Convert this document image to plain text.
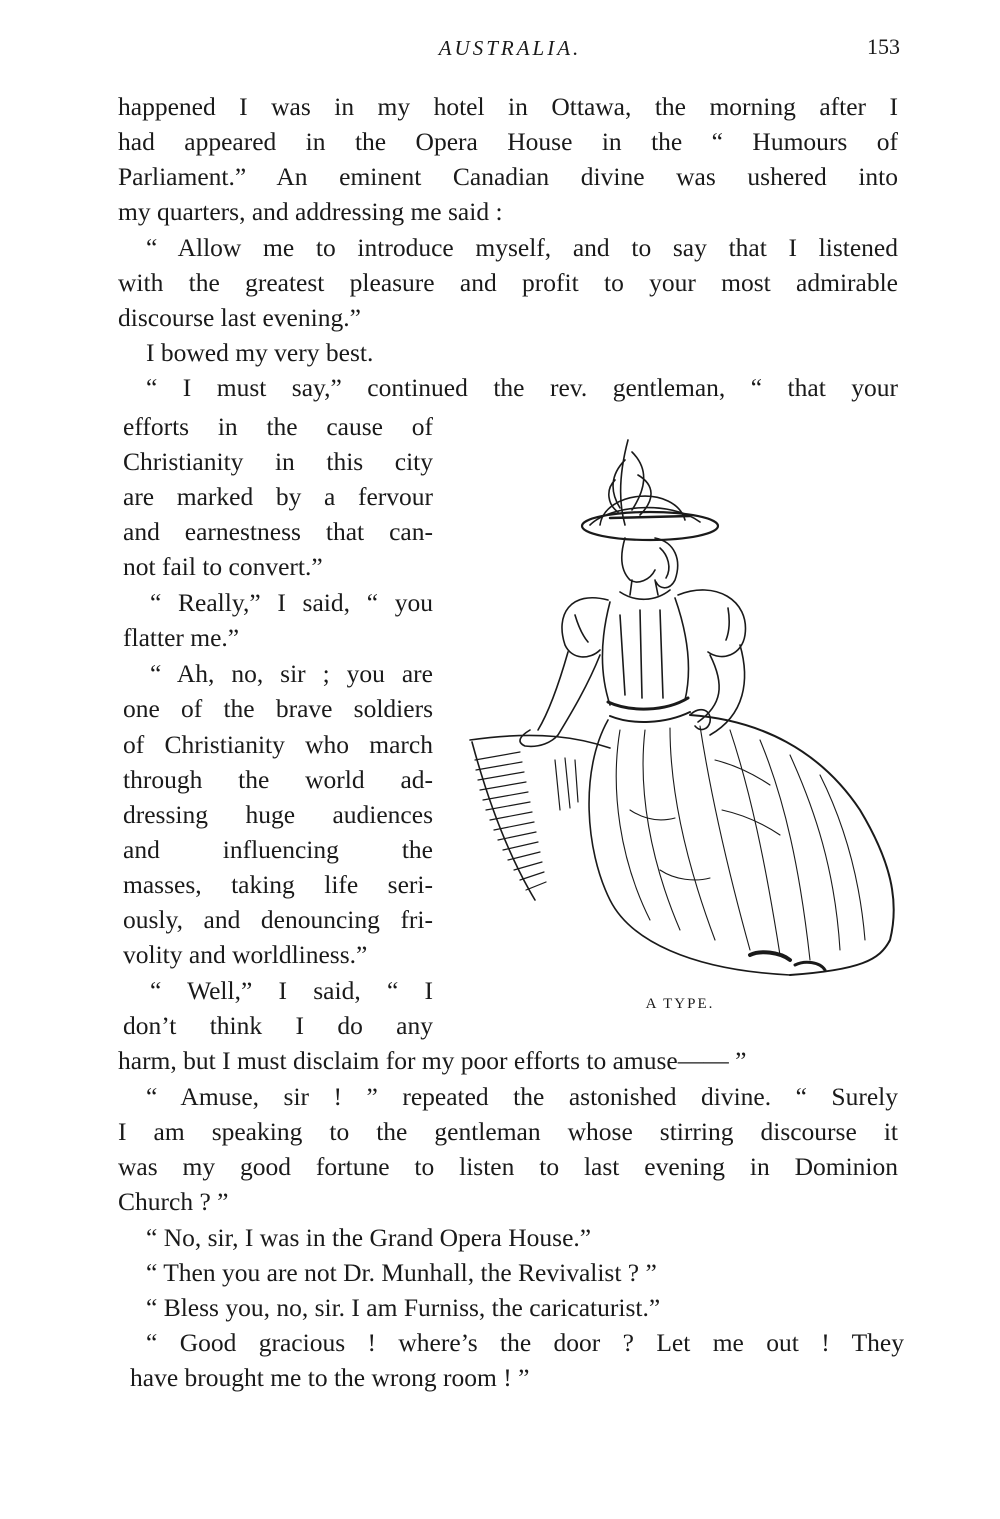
AUSTRALIA.	153
happened I was in my hotel in Ottawa, the morning after I
had appeared in the Opera House in the “ Humours of
Parliament.” An eminent Canadian divine was ushered into
my quarters, and addressing me said :
“ Allow me to introduce myself, and to say that I listened
with the greatest pleasure and profit to your most admirable
discourse last evening.”
I bowed my very best.
“ I must say,” continued the rev. gentleman, “ that your
efforts in the cause of
Christianity in this city
are marked by a fervour
and earnestness that can-
not fail to convert.”
“ Really,” I said, “ you
flatter me.”
“ Ah, no, sir ; you are
one of the brave soldiers
of Christianity who march
through the world ad-
dressing huge audiences
and influencing the
masses, taking life seri-
ously, and denouncing fri-
volity and worldliness.”
“ Well,” I said, “ I
don’t think I do any
harm, but I must disclaim for my poor efforts to amuse—— ”
“ Amuse, sir ! ” repeated the astonished divine. “ Surely
I am speaking to the gentleman whose stirring discourse it
was my good fortune to listen to last evening in Dominion
Church ? ”
“ No, sir, I was in the Grand Opera House.”
“ Then you are not Dr. Munhall, the Revivalist ? ”
“ Bless you, no, sir. I am Furniss, the caricaturist.”
“ Good gracious ! where’s the door ? Let me out ! They
have brought me to the wrong room ! ”
A TYPE.
